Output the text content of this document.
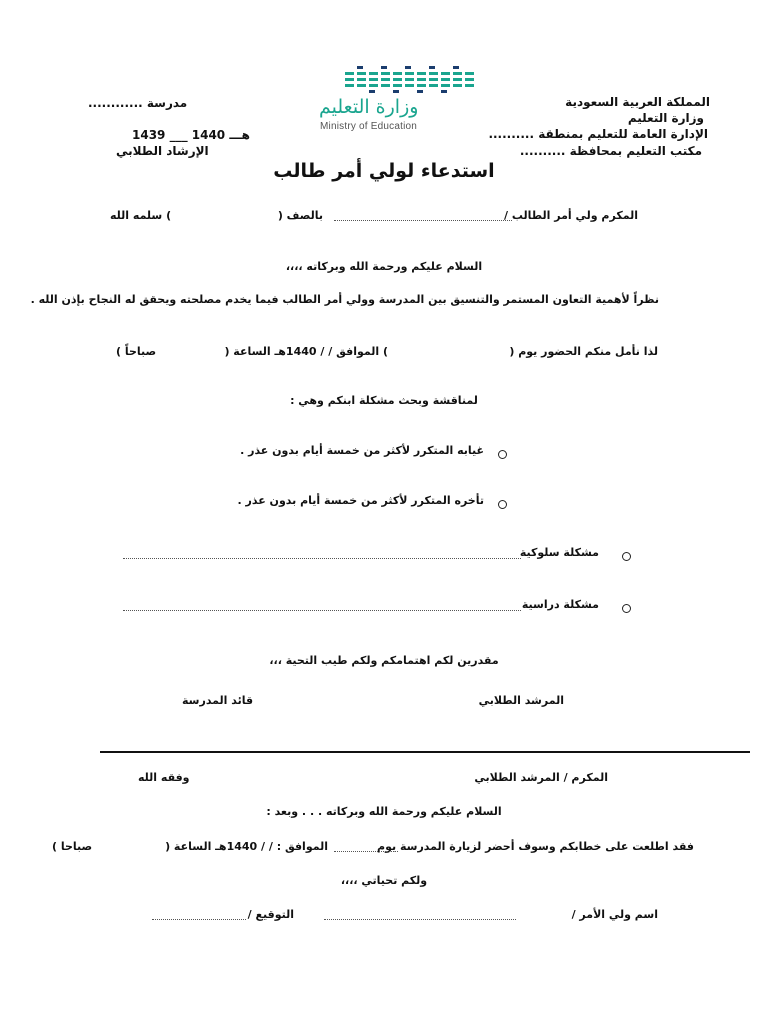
المملكة العربية السعودية
وزارة التعليم
الإدارة العامة للتعليم بمنطقة ..........
مكتب التعليم بمحافظة ..........
مدرسة ............
1439 ___ 1440 هـــ
الإرشاد الطلابي
وزارة التعليم
Ministry of Education
استدعاء لولي أمر طالب
المكرم ولي أمر الطالب /
بالصف (
) سلمه الله
السلام عليكم ورحمة الله وبركاته ،،،،
نظراً لأهمية التعاون المستمر والتنسيق بين المدرسة وولي أمر الطالب فيما يخدم مصلحته ويحقق له النجاح بإذن الله .
لذا نأمل منكم الحضور يوم (
) الموافق / / 1440هـ الساعة (
صباحاً )
لمناقشة وبحث مشكلة ابنكم وهي :
غيابه المتكرر لأكثر من خمسة أيام بدون عذر .
تأخره المتكرر لأكثر من خمسة أيام بدون عذر .
مشكلة سلوكية
مشكلة دراسية
مقدرين لكم اهتمامكم ولكم طيب التحية ،،،
المرشد الطلابي
قائد المدرسة
المكرم / المرشد الطلابي
وفقه الله
السلام عليكم ورحمة الله وبركاته . . . وبعد :
فقد اطلعت على خطابكم وسوف أحضر لزيارة المدرسة يوم
الموافق : / / 1440هـ الساعة (
صباحا )
ولكم تحياتي ،،،،
اسم ولي الأمر /
التوقيع /
